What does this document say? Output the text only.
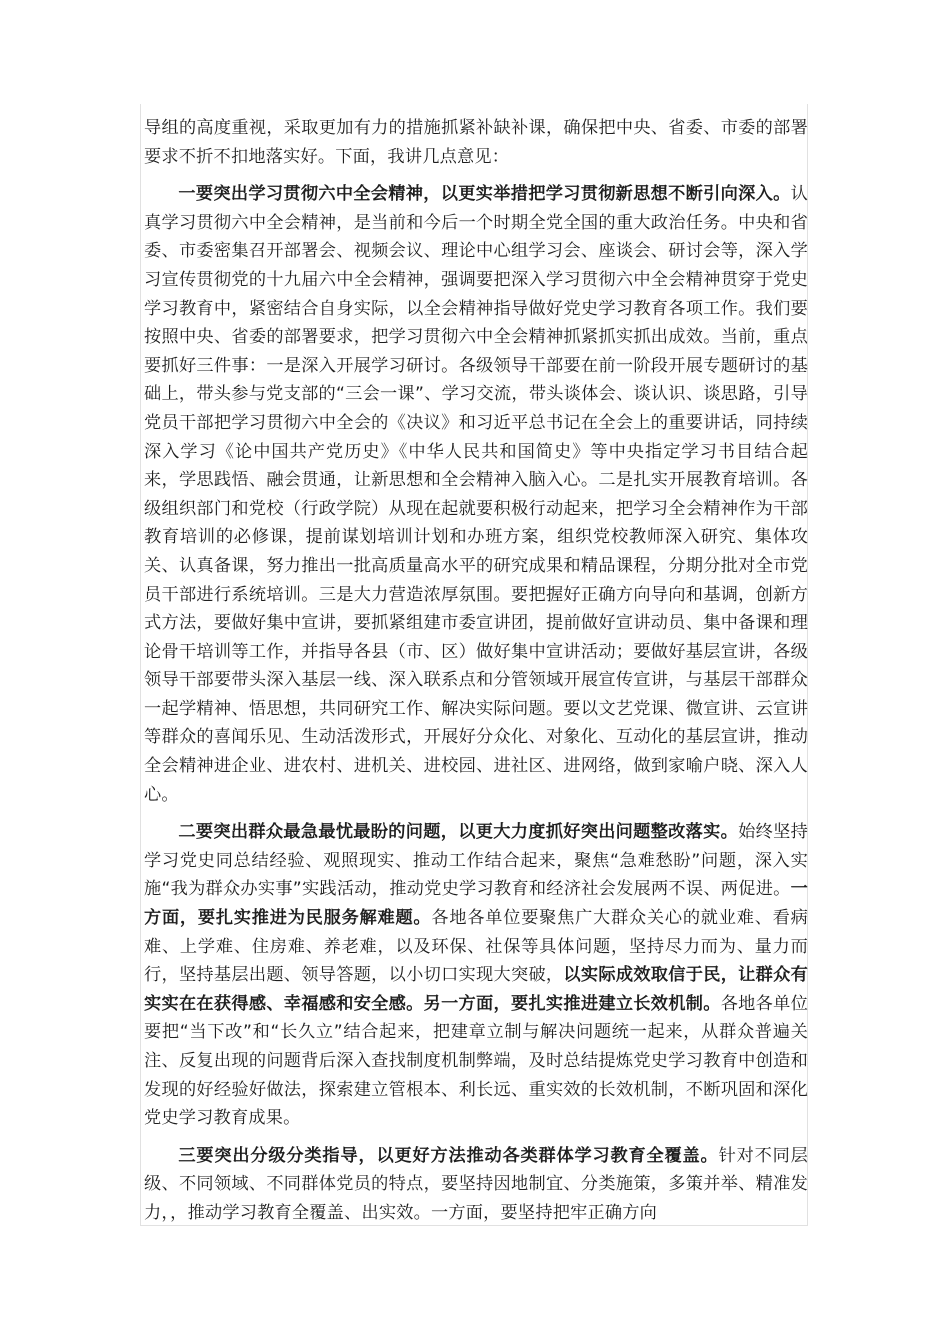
导组的高度重视，采取更加有力的措施抓紧补缺补课，确保把中央、省委、市委的部署要求不折不扣地落实好。下面，我讲几点意见：

一要突出学习贯彻六中全会精神，以更实举措把学习贯彻新思想不断引向深入。认真学习贯彻六中全会精神，是当前和今后一个时期全党全国的重大政治任务。中央和省委、市委密集召开部署会、视频会议、理论中心组学习会、座谈会、研讨会等，深入学习宣传贯彻党的十九届六中全会精神，强调要把深入学习贯彻六中全会精神贯穿于党史学习教育中，紧密结合自身实际，以全会精神指导做好党史学习教育各项工作。我们要按照中央、省委的部署要求，把学习贯彻六中全会精神抓紧抓实抓出成效。当前，重点要抓好三件事：一是深入开展学习研讨。各级领导干部要在前一阶段开展专题研讨的基础上，带头参与党支部的“三会一课”、学习交流，带头谈体会、谈认识、谈思路，引导党员干部把学习贯彻六中全会的《决议》和习近平总书记在全会上的重要讲话，同持续深入学习《论中国共产党历史》《中华人民共和国简史》等中央指定学习书目结合起来，学思践悟、融会贯通，让新思想和全会精神入脑入心。二是扎实开展教育培训。各级组织部门和党校（行政学院）从现在起就要积极行动起来，把学习全会精神作为干部教育培训的必修课，提前谋划培训计划和办班方案，组织党校教师深入研究、集体攻关、认真备课，努力推出一批高质量高水平的研究成果和精品课程，分期分批对全市党员干部进行系统培训。三是大力营造浓厚氛围。要把握好正确方向导向和基调，创新方式方法，要做好集中宣讲，要抓紧组建市委宣讲团，提前做好宣讲动员、集中备课和理论骨干培训等工作，并指导各县（市、区）做好集中宣讲活动；要做好基层宣讲，各级领导干部要带头深入基层一线、深入联系点和分管领域开展宣传宣讲，与基层干部群众一起学精神、悟思想，共同研究工作、解决实际问题。要以文艺党课、微宣讲、云宣讲等群众的喜闻乐见、生动活泼形式，开展好分众化、对象化、互动化的基层宣讲，推动全会精神进企业、进农村、进机关、进校园、进社区、进网络，做到家喻户晓、深入人心。

二要突出群众最急最忧最盼的问题，以更大力度抓好突出问题整改落实。始终坚持学习党史同总结经验、观照现实、推动工作结合起来，聚焦“急难愁盼”问题，深入实施“我为群众办实事”实践活动，推动党史学习教育和经济社会发展两不误、两促进。一方面，要扎实推进为民服务解难题。各地各单位要聚焦广大群众关心的就业难、看病难、上学难、住房难、养老难，以及环保、社保等具体问题，坚持尽力而为、量力而行，坚持基层出题、领导答题，以小切口实现大突破，以实际成效取信于民，让群众有实实在在获得感、幸福感和安全感。另一方面，要扎实推进建立长效机制。各地各单位要把“当下改”和“长久立”结合起来，把建章立制与解决问题统一起来，从群众普遍关注、反复出现的问题背后深入查找制度机制弊端，及时总结提炼党史学习教育中创造和发现的好经验好做法，探索建立管根本、利长远、重实效的长效机制，不断巩固和深化党史学习教育成果。

三要突出分级分类指导，以更好方法推动各类群体学习教育全覆盖。针对不同层级、不同领域、不同群体党员的特点，要坚持因地制宜、分类施策，多策并举、精准发力，，推动学习教育全覆盖、出实效。一方面，要坚持把牢正确方向
